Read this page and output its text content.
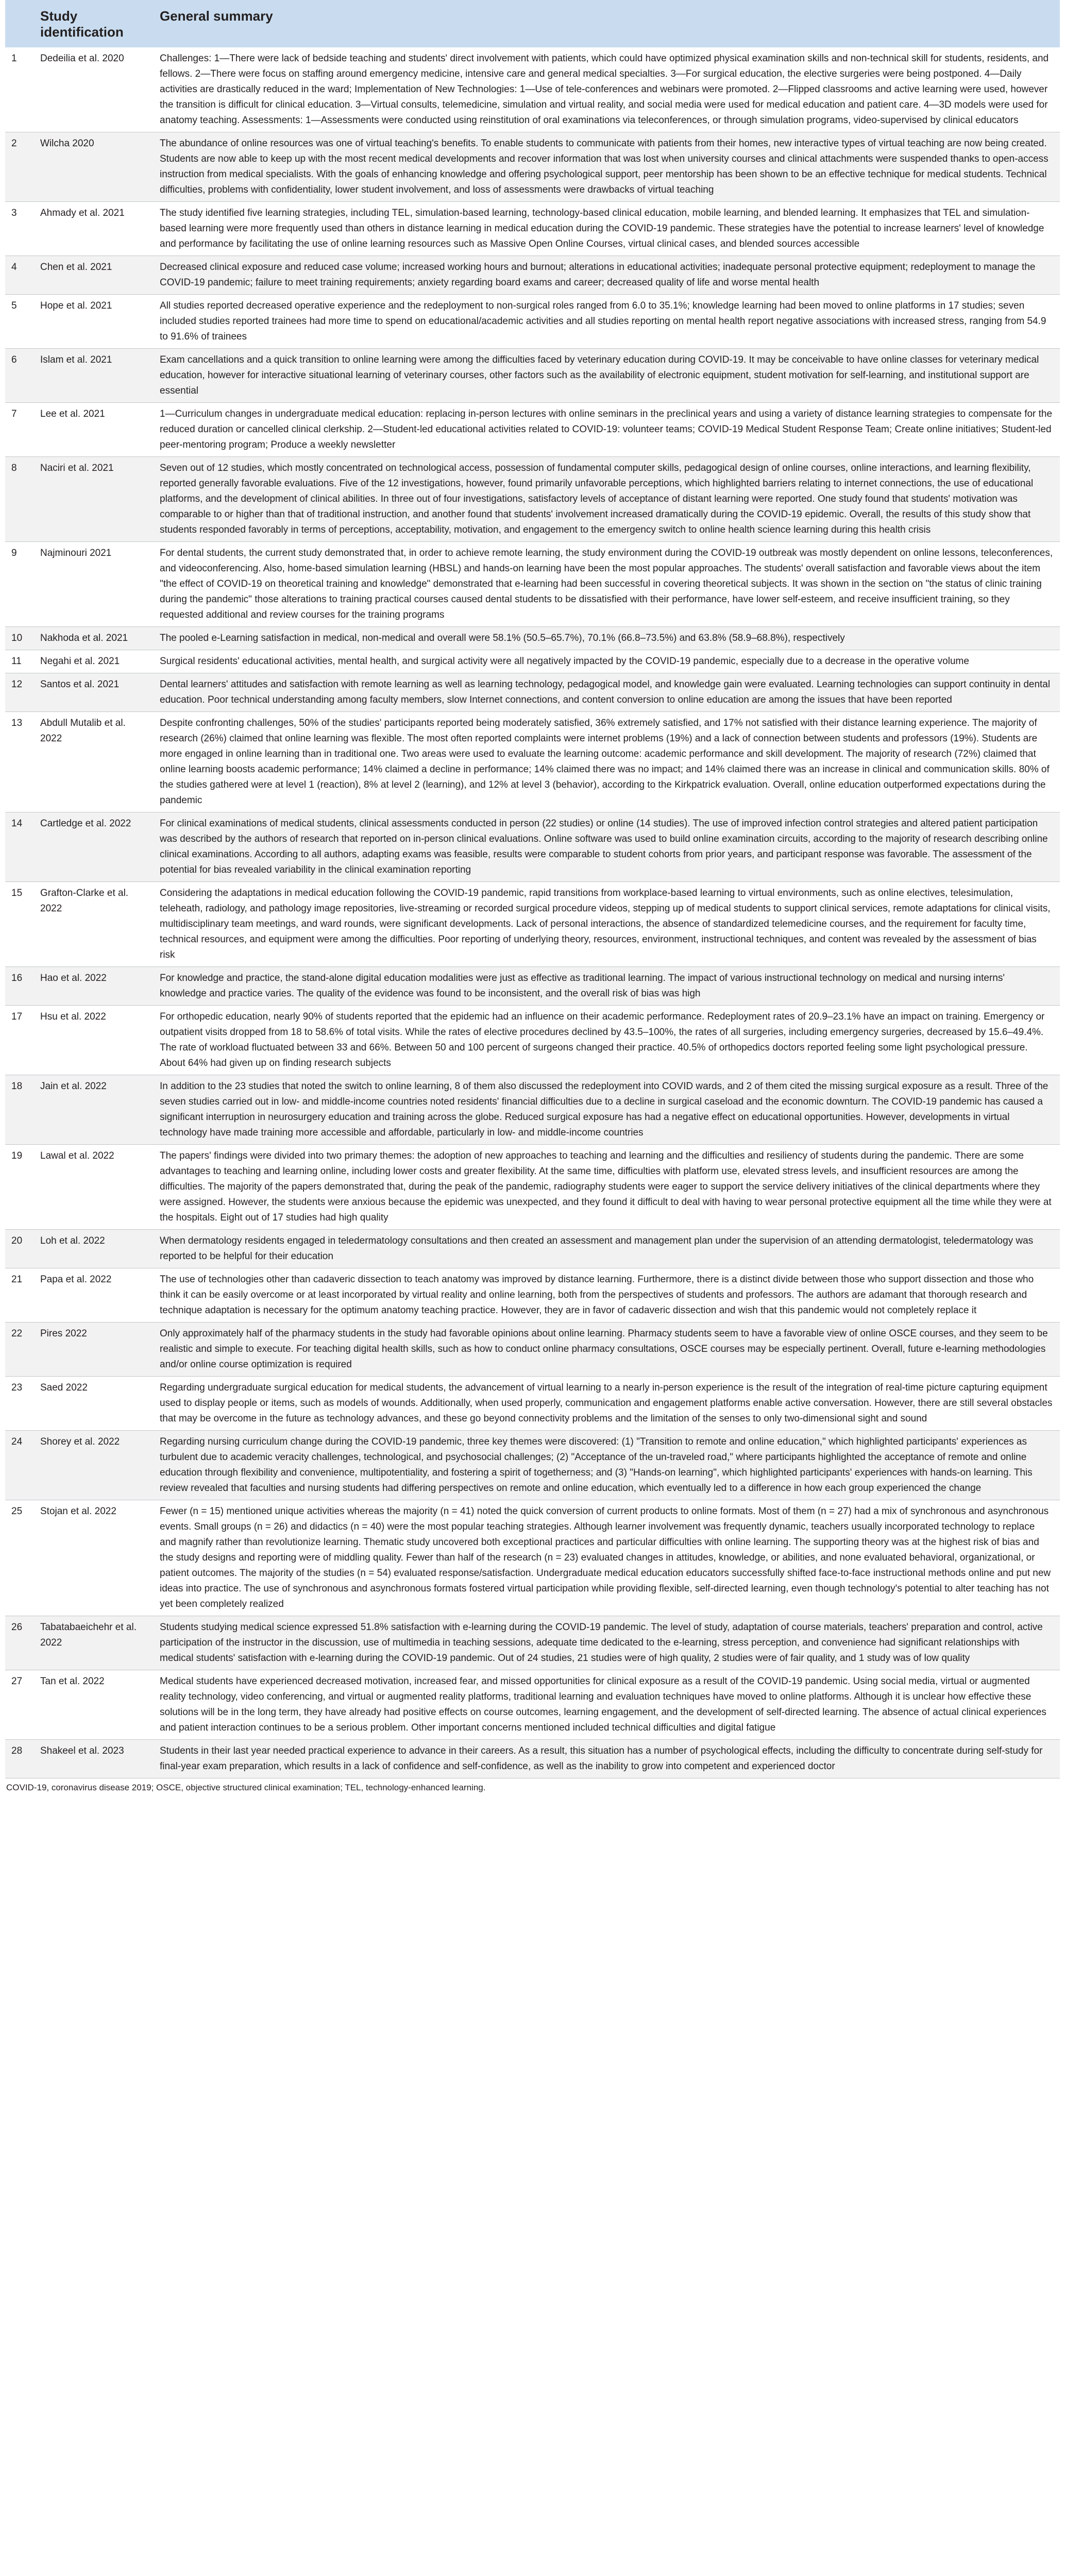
	Study identification	General summary
1	Dedeilia et al. 2020	Challenges: 1—There were lack of bedside teaching and students' direct involvement with patients, which could have optimized physical examination skills and non-technical skill for students, residents, and fellows. 2—There were focus on staffing around emergency medicine, intensive care and general medical specialties. 3—For surgical education, the elective surgeries were being postponed. 4—Daily activities are drastically reduced in the ward; Implementation of New Technologies: 1—Use of tele-conferences and webinars were promoted. 2—Flipped classrooms and active learning were used, however the transition is difficult for clinical education. 3—Virtual consults, telemedicine, simulation and virtual reality, and social media were used for medical education and patient care. 4—3D models were used for anatomy teaching. Assessments: 1—Assessments were conducted using reinstitution of oral examinations via teleconferences, or through simulation programs, video-supervised by clinical educators
2	Wilcha 2020	The abundance of online resources was one of virtual teaching's benefits. To enable students to communicate with patients from their homes, new interactive types of virtual teaching are now being created. Students are now able to keep up with the most recent medical developments and recover information that was lost when university courses and clinical attachments were suspended thanks to open-access instruction from medical specialists. With the goals of enhancing knowledge and offering psychological support, peer mentorship has been shown to be an effective technique for medical students. Technical difficulties, problems with confidentiality, lower student involvement, and loss of assessments were drawbacks of virtual teaching
3	Ahmady et al. 2021	The study identified five learning strategies, including TEL, simulation-based learning, technology-based clinical education, mobile learning, and blended learning. It emphasizes that TEL and simulation-based learning were more frequently used than others in distance learning in medical education during the COVID-19 pandemic. These strategies have the potential to increase learners' level of knowledge and performance by facilitating the use of online learning resources such as Massive Open Online Courses, virtual clinical cases, and blended sources accessible
4	Chen et al. 2021	Decreased clinical exposure and reduced case volume; increased working hours and burnout; alterations in educational activities; inadequate personal protective equipment; redeployment to manage the COVID-19 pandemic; failure to meet training requirements; anxiety regarding board exams and career; decreased quality of life and worse mental health
5	Hope et al. 2021	All studies reported decreased operative experience and the redeployment to non-surgical roles ranged from 6.0 to 35.1%; knowledge learning had been moved to online platforms in 17 studies; seven included studies reported trainees had more time to spend on educational/academic activities and all studies reporting on mental health report negative associations with increased stress, ranging from 54.9 to 91.6% of trainees
6	Islam et al. 2021	Exam cancellations and a quick transition to online learning were among the difficulties faced by veterinary education during COVID-19. It may be conceivable to have online classes for veterinary medical education, however for interactive situational learning of veterinary courses, other factors such as the availability of electronic equipment, student motivation for self-learning, and institutional support are essential
7	Lee et al. 2021	1—Curriculum changes in undergraduate medical education: replacing in-person lectures with online seminars in the preclinical years and using a variety of distance learning strategies to compensate for the reduced duration or cancelled clinical clerkship. 2—Student-led educational activities related to COVID-19: volunteer teams; COVID-19 Medical Student Response Team; Create online initiatives; Student-led peer-mentoring program; Produce a weekly newsletter
8	Naciri et al. 2021	Seven out of 12 studies, which mostly concentrated on technological access, possession of fundamental computer skills, pedagogical design of online courses, online interactions, and learning flexibility, reported generally favorable evaluations. Five of the 12 investigations, however, found primarily unfavorable perceptions, which highlighted barriers relating to internet connections, the use of educational platforms, and the development of clinical abilities. In three out of four investigations, satisfactory levels of acceptance of distant learning were reported. One study found that students' motivation was comparable to or higher than that of traditional instruction, and another found that students' involvement increased dramatically during the COVID-19 epidemic. Overall, the results of this study show that students responded favorably in terms of perceptions, acceptability, motivation, and engagement to the emergency switch to online health science learning during this health crisis
9	Najminouri 2021	For dental students, the current study demonstrated that, in order to achieve remote learning, the study environment during the COVID-19 outbreak was mostly dependent on online lessons, teleconferences, and videoconferencing. Also, home-based simulation learning (HBSL) and hands-on learning have been the most popular approaches. The students' overall satisfaction and favorable views about the item "the effect of COVID-19 on theoretical training and knowledge" demonstrated that e-learning had been successful in covering theoretical subjects. It was shown in the section on "the status of clinic training during the pandemic" those alterations to training practical courses caused dental students to be dissatisfied with their performance, have lower self-esteem, and receive insufficient training, so they requested additional and review courses for the training programs
10	Nakhoda et al. 2021	The pooled e-Learning satisfaction in medical, non-medical and overall were 58.1% (50.5–65.7%), 70.1% (66.8–73.5%) and 63.8% (58.9–68.8%), respectively
11	Negahi et al. 2021	Surgical residents' educational activities, mental health, and surgical activity were all negatively impacted by the COVID-19 pandemic, especially due to a decrease in the operative volume
12	Santos et al. 2021	Dental learners' attitudes and satisfaction with remote learning as well as learning technology, pedagogical model, and knowledge gain were evaluated. Learning technologies can support continuity in dental education. Poor technical understanding among faculty members, slow Internet connections, and content conversion to online education are among the issues that have been reported
13	Abdull Mutalib et al. 2022	Despite confronting challenges, 50% of the studies' participants reported being moderately satisfied, 36% extremely satisfied, and 17% not satisfied with their distance learning experience. The majority of research (26%) claimed that online learning was flexible. The most often reported complaints were internet problems (19%) and a lack of connection between students and professors (19%). Students are more engaged in online learning than in traditional one. Two areas were used to evaluate the learning outcome: academic performance and skill development. The majority of research (72%) claimed that online learning boosts academic performance; 14% claimed a decline in performance; 14% claimed there was no impact; and 14% claimed there was an increase in clinical and communication skills. 80% of the studies gathered were at level 1 (reaction), 8% at level 2 (learning), and 12% at level 3 (behavior), according to the Kirkpatrick evaluation. Overall, online education outperformed expectations during the pandemic
14	Cartledge et al. 2022	For clinical examinations of medical students, clinical assessments conducted in person (22 studies) or online (14 studies). The use of improved infection control strategies and altered patient participation was described by the authors of research that reported on in-person clinical evaluations. Online software was used to build online examination circuits, according to the majority of research describing online clinical examinations. According to all authors, adapting exams was feasible, results were comparable to student cohorts from prior years, and participant response was favorable. The assessment of the potential for bias revealed variability in the clinical examination reporting
15	Grafton-Clarke et al. 2022	Considering the adaptations in medical education following the COVID-19 pandemic, rapid transitions from workplace-based learning to virtual environments, such as online electives, telesimulation, teleheath, radiology, and pathology image repositories, live-streaming or recorded surgical procedure videos, stepping up of medical students to support clinical services, remote adaptations for clinical visits, multidisciplinary team meetings, and ward rounds, were significant developments. Lack of personal interactions, the absence of standardized telemedicine courses, and the requirement for faculty time, technical resources, and equipment were among the difficulties. Poor reporting of underlying theory, resources, environment, instructional techniques, and content was revealed by the assessment of bias risk
16	Hao et al. 2022	For knowledge and practice, the stand-alone digital education modalities were just as effective as traditional learning. The impact of various instructional technology on medical and nursing interns' knowledge and practice varies. The quality of the evidence was found to be inconsistent, and the overall risk of bias was high
17	Hsu et al. 2022	For orthopedic education, nearly 90% of students reported that the epidemic had an influence on their academic performance. Redeployment rates of 20.9–23.1% have an impact on training. Emergency or outpatient visits dropped from 18 to 58.6% of total visits. While the rates of elective procedures declined by 43.5–100%, the rates of all surgeries, including emergency surgeries, decreased by 15.6–49.4%. The rate of workload fluctuated between 33 and 66%. Between 50 and 100 percent of surgeons changed their practice. 40.5% of orthopedics doctors reported feeling some light psychological pressure. About 64% had given up on finding research subjects
18	Jain et al. 2022	In addition to the 23 studies that noted the switch to online learning, 8 of them also discussed the redeployment into COVID wards, and 2 of them cited the missing surgical exposure as a result. Three of the seven studies carried out in low- and middle-income countries noted residents' financial difficulties due to a decline in surgical caseload and the economic downturn. The COVID-19 pandemic has caused a significant interruption in neurosurgery education and training across the globe. Reduced surgical exposure has had a negative effect on educational opportunities. However, developments in virtual technology have made training more accessible and affordable, particularly in low- and middle-income countries
19	Lawal et al. 2022	The papers' findings were divided into two primary themes: the adoption of new approaches to teaching and learning and the difficulties and resiliency of students during the pandemic. There are some advantages to teaching and learning online, including lower costs and greater flexibility. At the same time, difficulties with platform use, elevated stress levels, and insufficient resources are among the difficulties. The majority of the papers demonstrated that, during the peak of the pandemic, radiography students were eager to support the service delivery initiatives of the clinical departments where they were assigned. However, the students were anxious because the epidemic was unexpected, and they found it difficult to deal with having to wear personal protective equipment all the time while they were at the hospitals. Eight out of 17 studies had high quality
20	Loh et al. 2022	When dermatology residents engaged in teledermatology consultations and then created an assessment and management plan under the supervision of an attending dermatologist, teledermatology was reported to be helpful for their education
21	Papa et al. 2022	The use of technologies other than cadaveric dissection to teach anatomy was improved by distance learning. Furthermore, there is a distinct divide between those who support dissection and those who think it can be easily overcome or at least incorporated by virtual reality and online learning, both from the perspectives of students and professors. The authors are adamant that thorough research and technique adaptation is necessary for the optimum anatomy teaching practice. However, they are in favor of cadaveric dissection and wish that this pandemic would not completely replace it
22	Pires 2022	Only approximately half of the pharmacy students in the study had favorable opinions about online learning. Pharmacy students seem to have a favorable view of online OSCE courses, and they seem to be realistic and simple to execute. For teaching digital health skills, such as how to conduct online pharmacy consultations, OSCE courses may be especially pertinent. Overall, future e-learning methodologies and/or online course optimization is required
23	Saed 2022	Regarding undergraduate surgical education for medical students, the advancement of virtual learning to a nearly in-person experience is the result of the integration of real-time picture capturing equipment used to display people or items, such as models of wounds. Additionally, when used properly, communication and engagement platforms enable active conversation. However, there are still several obstacles that may be overcome in the future as technology advances, and these go beyond connectivity problems and the limitation of the senses to only two-dimensional sight and sound
24	Shorey et al. 2022	Regarding nursing curriculum change during the COVID-19 pandemic, three key themes were discovered: (1) "Transition to remote and online education," which highlighted participants' experiences as turbulent due to academic veracity challenges, technological, and psychosocial challenges; (2) "Acceptance of the un-traveled road," where participants highlighted the acceptance of remote and online education through flexibility and convenience, multipotentiality, and fostering a spirit of togetherness; and (3) "Hands-on learning", which highlighted participants' experiences with hands-on learning. This review revealed that faculties and nursing students had differing perspectives on remote and online education, which eventually led to a difference in how each group experienced the change
25	Stojan et al. 2022	Fewer (n = 15) mentioned unique activities whereas the majority (n = 41) noted the quick conversion of current products to online formats. Most of them (n = 27) had a mix of synchronous and asynchronous events. Small groups (n = 26) and didactics (n = 40) were the most popular teaching strategies. Although learner involvement was frequently dynamic, teachers usually incorporated technology to replace and magnify rather than revolutionize learning. Thematic study uncovered both exceptional practices and particular difficulties with online learning. The supporting theory was at the highest risk of bias and the study designs and reporting were of middling quality. Fewer than half of the research (n = 23) evaluated changes in attitudes, knowledge, or abilities, and none evaluated behavioral, organizational, or patient outcomes. The majority of the studies (n = 54) evaluated response/satisfaction. Undergraduate medical education educators successfully shifted face-to-face instructional methods online and put new ideas into practice. The use of synchronous and asynchronous formats fostered virtual participation while providing flexible, self-directed learning, even though technology's potential to alter teaching has not yet been completely realized
26	Tabatabaeichehr et al. 2022	Students studying medical science expressed 51.8% satisfaction with e-learning during the COVID-19 pandemic. The level of study, adaptation of course materials, teachers' preparation and control, active participation of the instructor in the discussion, use of multimedia in teaching sessions, adequate time dedicated to the e-learning, stress perception, and convenience had significant relationships with medical students' satisfaction with e-learning during the COVID-19 pandemic. Out of 24 studies, 21 studies were of high quality, 2 studies were of fair quality, and 1 study was of low quality
27	Tan et al. 2022	Medical students have experienced decreased motivation, increased fear, and missed opportunities for clinical exposure as a result of the COVID-19 pandemic. Using social media, virtual or augmented reality technology, video conferencing, and virtual or augmented reality platforms, traditional learning and evaluation techniques have moved to online platforms. Although it is unclear how effective these solutions will be in the long term, they have already had positive effects on course outcomes, learning engagement, and the development of self-directed learning. The absence of actual clinical experiences and patient interaction continues to be a serious problem. Other important concerns mentioned included technical difficulties and digital fatigue
28	Shakeel et al. 2023	Students in their last year needed practical experience to advance in their careers. As a result, this situation has a number of psychological effects, including the difficulty to concentrate during self-study for final-year exam preparation, which results in a lack of confidence and self-confidence, as well as the inability to grow into competent and experienced doctor
COVID-19, coronavirus disease 2019; OSCE, objective structured clinical examination; TEL, technology-enhanced learning.
